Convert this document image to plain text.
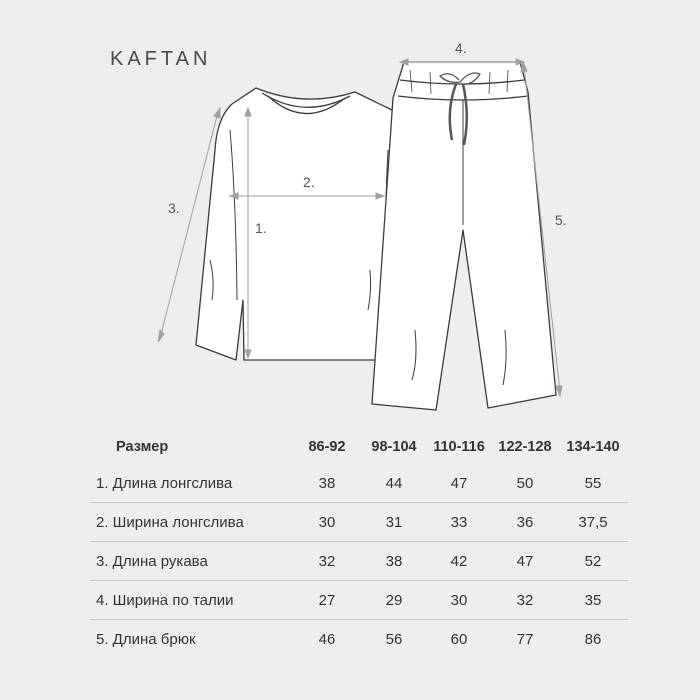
KAFTAN
1.
2.
3.
4.
5.
Размер	86-92	98-104	110-116	122-128	134-140
1. Длина лонгслива	38	44	47	50	55
2. Ширина лонгслива	30	31	33	36	37,5
3. Длина рукава	32	38	42	47	52
4. Ширина по талии	27	29	30	32	35
5. Длина брюк	46	56	60	77	86
